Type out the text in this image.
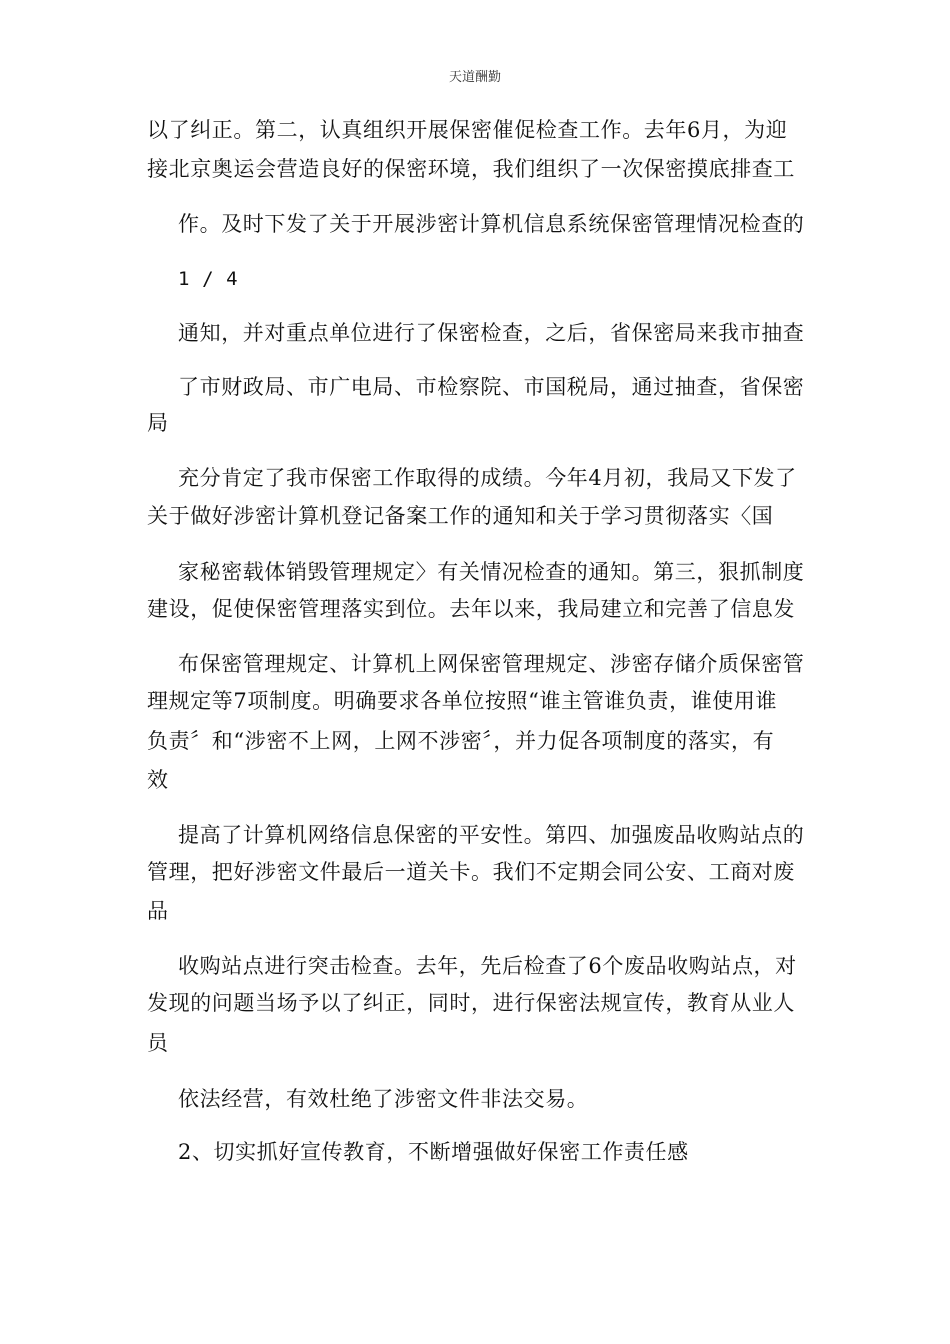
天道酬勤
以了纠正。第二，认真组织开展保密催促检查工作。去年6月，为迎
接北京奥运会营造良好的保密环境，我们组织了一次保密摸底排查工
作。及时下发了关于开展涉密计算机信息系统保密管理情况检查的
1 / 4
通知，并对重点单位进行了保密检查，之后，省保密局来我市抽查
了市财政局、市广电局、市检察院、市国税局，通过抽查，省保密
局
充分肯定了我市保密工作取得的成绩。今年4月初，我局又下发了
关于做好涉密计算机登记备案工作的通知和关于学习贯彻落实〈国
家秘密载体销毁管理规定〉有关情况检查的通知。第三，狠抓制度
建设，促使保密管理落实到位。去年以来，我局建立和完善了信息发
布保密管理规定、计算机上网保密管理规定、涉密存储介质保密管
理规定等7项制度。明确要求各单位按照“谁主管谁负责，谁使用谁
负责〞和“涉密不上网，上网不涉密〞，并力促各项制度的落实，有
效
提高了计算机网络信息保密的平安性。第四、加强废品收购站点的
管理，把好涉密文件最后一道关卡。我们不定期会同公安、工商对废
品
收购站点进行突击检查。去年，先后检查了6个废品收购站点，对
发现的问题当场予以了纠正，同时，进行保密法规宣传，教育从业人
员
依法经营，有效杜绝了涉密文件非法交易。
2、切实抓好宣传教育，不断增强做好保密工作责任感
